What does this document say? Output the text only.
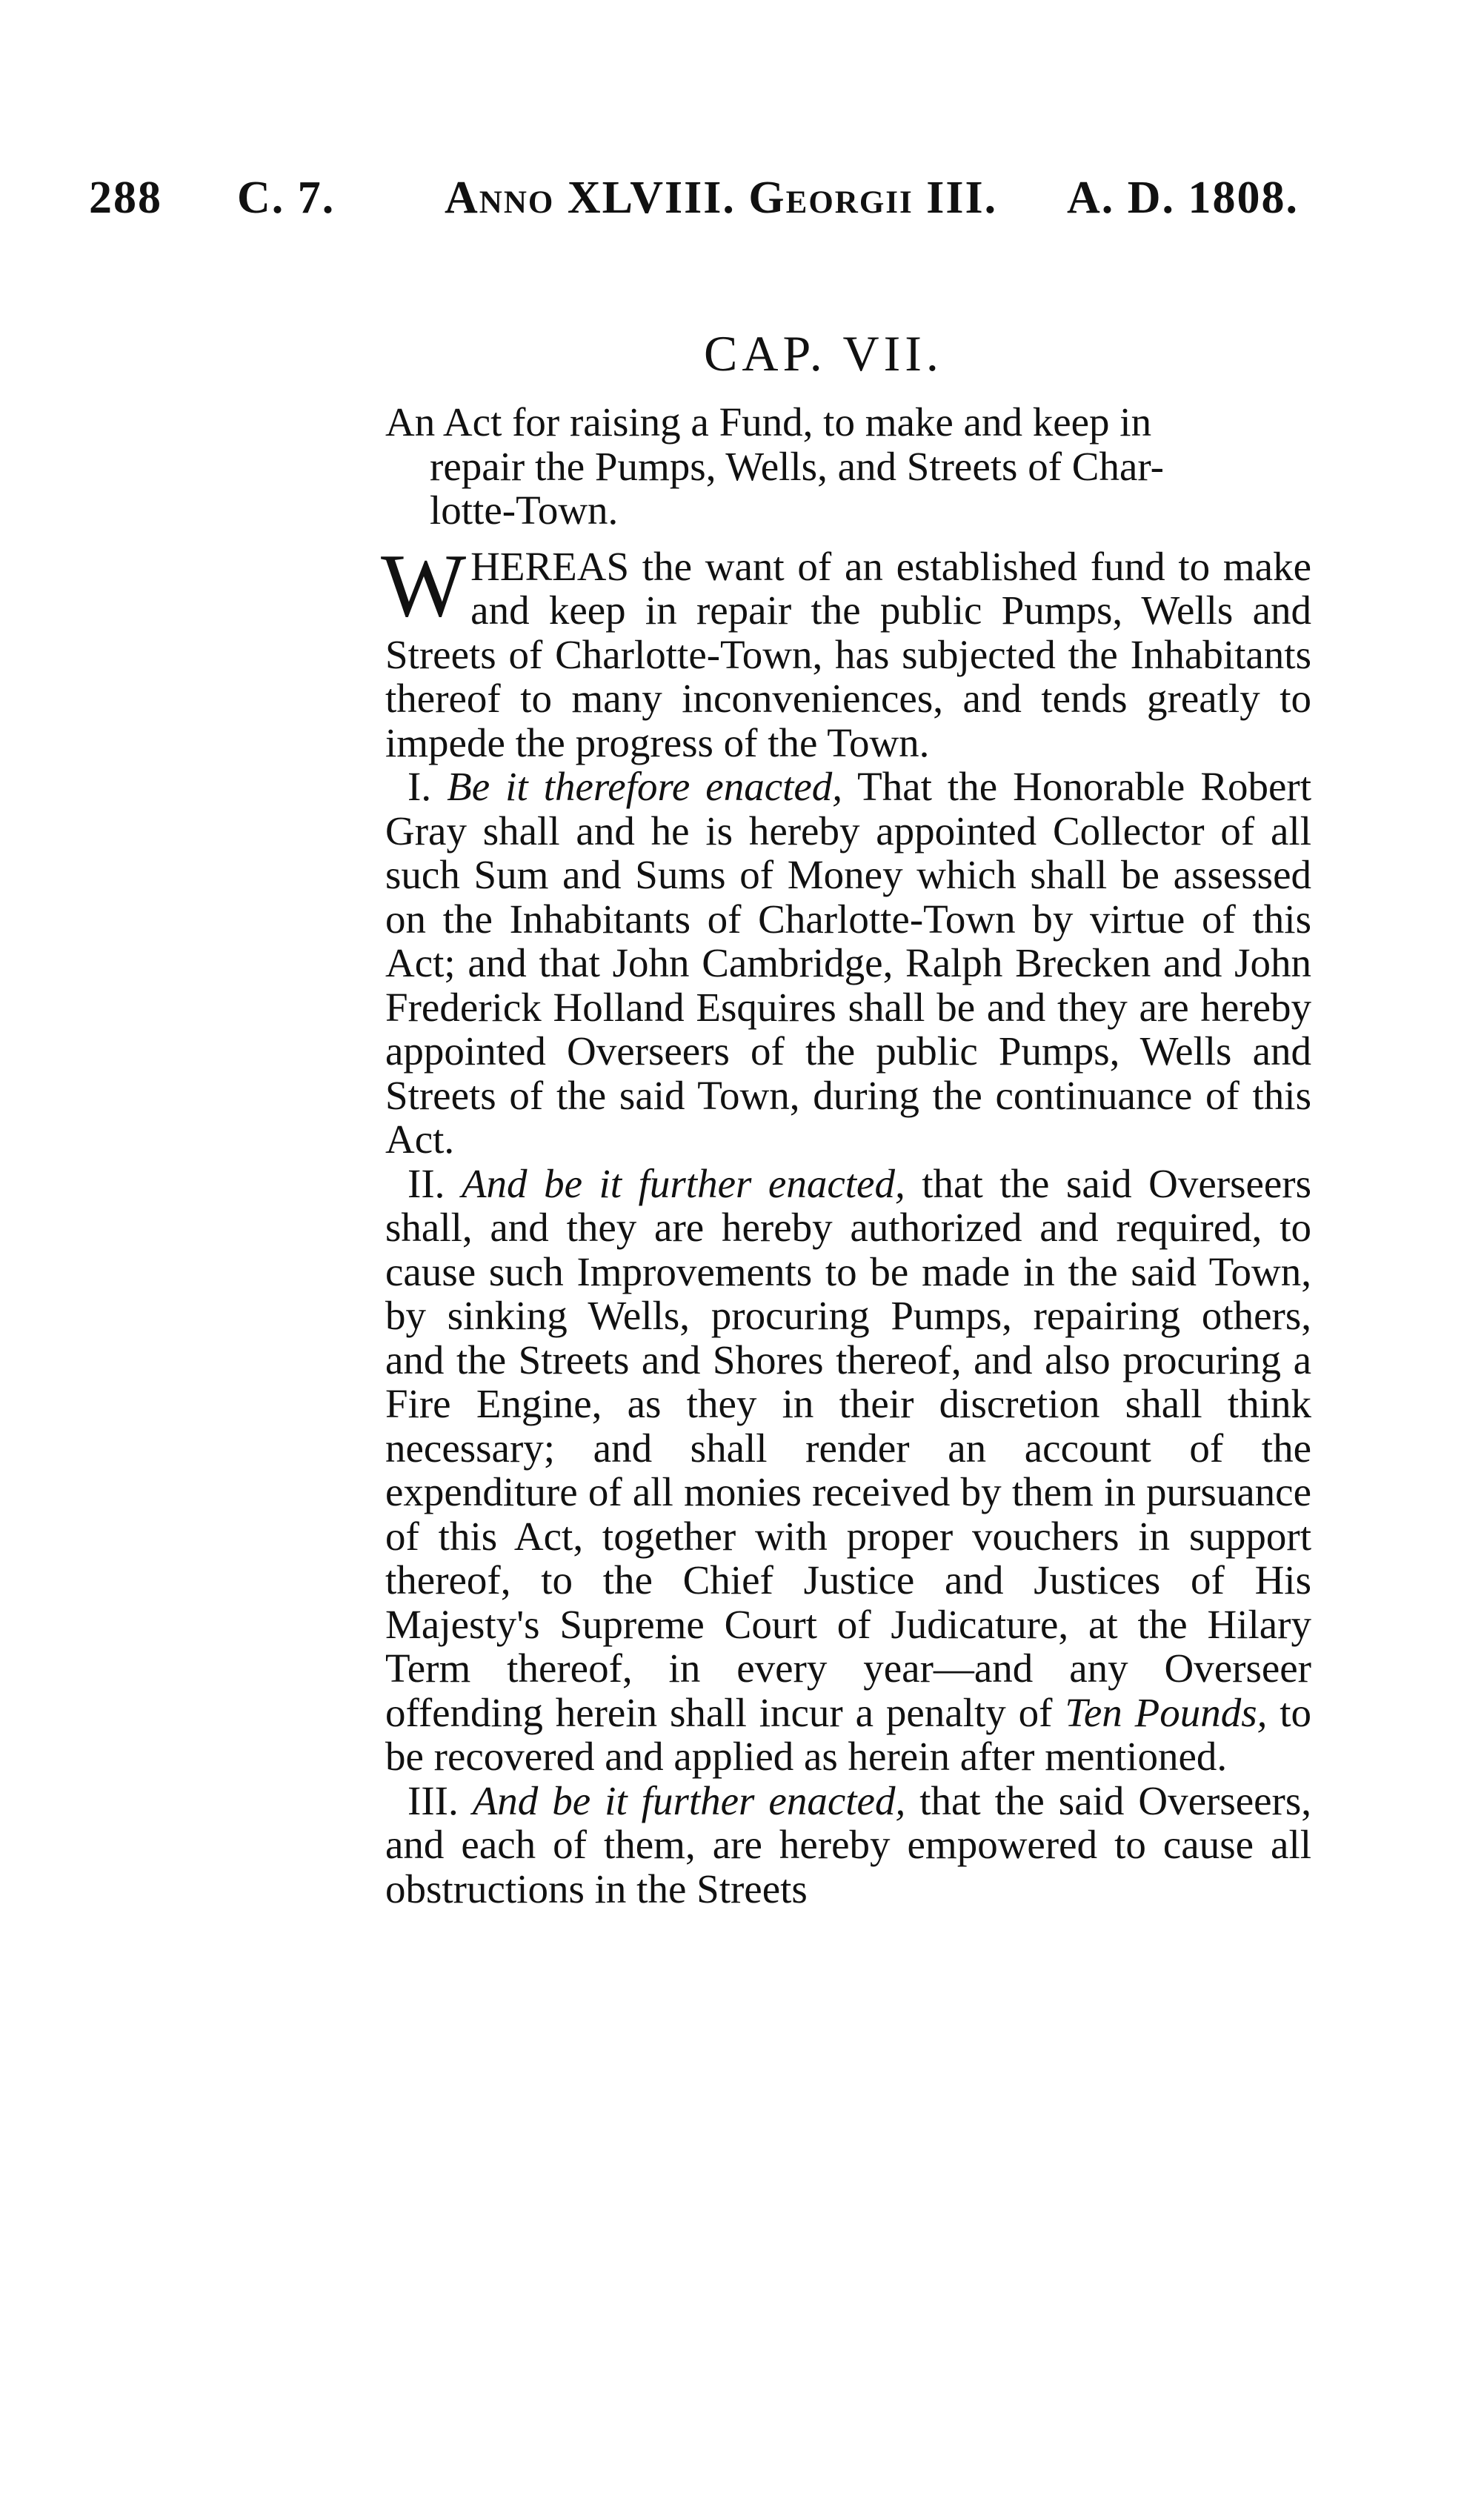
288 C. 7. Anno XLVIII. Georgii III. A. D. 1808.
CAP. VII.
An Act for raising a Fund, to make and keep in
repair the Pumps, Wells, and Streets of Char-
lotte-Town.

WHEREAS the want of an established fund to make and keep in repair the public Pumps, Wells and Streets of Charlotte-Town, has subjected the Inhabitants thereof to many inconveniences, and tends greatly to impede the progress of the Town.

I. Be it therefore enacted, That the Honorable Robert Gray shall and he is hereby appointed Collector of all such Sum and Sums of Money which shall be assessed on the Inhabitants of Charlotte-Town by virtue of this Act; and that John Cambridge, Ralph Brecken and John Frederick Holland Esquires shall be and they are hereby appointed Overseers of the public Pumps, Wells and Streets of the said Town, during the continuance of this Act.

II. And be it further enacted, that the said Overseers shall, and they are hereby authorized and required, to cause such Improvements to be made in the said Town, by sinking Wells, procuring Pumps, repairing others, and the Streets and Shores thereof, and also procuring a Fire Engine, as they in their discretion shall think necessary; and shall render an account of the expenditure of all monies received by them in pursuance of this Act, together with proper vouchers in support thereof, to the Chief Justice and Justices of His Majesty's Supreme Court of Judicature, at the Hilary Term thereof, in every year—and any Overseer offending herein shall incur a penalty of Ten Pounds, to be recovered and applied as herein after mentioned.

III. And be it further enacted, that the said Overseers, and each of them, are hereby empowered to cause all obstructions in the Streets
